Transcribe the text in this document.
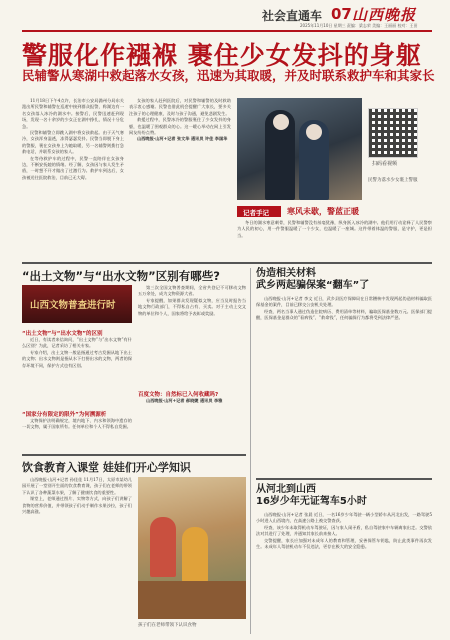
社会直通车 07 山西晚报
2025年11月10日 星期三 责编：梁志荣 美编：王丽丽 校对：王田
警服化作襁褓 裹住少女发抖的身躯
民辅警从寒湖中救起落水女孩，迅速为其取暖，并及时联系救护车和其家长

11月18日下午4点许，长治市公安局潞州分局东关派出所民警和辅警在巡逻中接到群众报警，称湖边有一名女孩落入冰冷的湖水中。接警后，民警迅速赶到现场，发现一名十余岁的少女正在湖中挣扎，情况十分危急。

民警和辅警立即跳入湖中将女孩救起。由于天气寒冷，女孩浑身湿透，冻得瑟瑟发抖。民警当即脱下身上的警服，裹在女孩身上为她取暖，另一名辅警则拨打急救电话，并联系女孩的家人。

在等待救护车的过程中，民警一直陪伴在女孩身边，不断安抚她的情绪。经了解，女孩因与家人发生矛盾，一时想不开才做出了过激行为。救护车到达后，女孩被送往医院救治，目前已无大碍。

女孩的家人赶到医院后，对民警和辅警的及时救助表示衷心感谢。民警也借此机会提醒广大家长，要多关注孩子的心理健康，及时与孩子沟通，避免悲剧发生。

救援过程中，民警冰冷的警服裹住了少女发抖的身躯，也温暖了围观群众的心。这一暖心举动在网上引发网友纷纷点赞。

山西晚报·山河+记者 张文华 通讯员 许佳 李国华

扫码看视频
民警为落水少女裹上警服
记者手记 寒风未歇，警蓝正暖

冬日的湖水寒意刺骨，民警和辅警没有丝毫犹豫，纵身跃入冰冷的湖中。他们用行动诠释了人民警察为人民的初心，用一件警服温暖了一个少女，也温暖了一座城。这件带着体温的警服，是守护，更是担当。

“出土文物”与“出水文物”区别有哪些?
山西文物普查进行时
“出土文物”与“出水文物”的区别

近日，有读者来信询问，“出土文物”与“出水文物”有什么区别？为此，记者采访了相关专家。

专家介绍，出土文物一般是指通过考古发掘从地下出土的文物；出水文物则是指从水下打捞出水的文物，两者的保存环境不同，保护方式也有区别。

“国家分有限定的限外”为何溯源析

文物保护法明确规定，境内地下、内水和领海中遗存的一切文物，属于国家所有。任何单位和个人不得私自发掘。

第三次全国文物普查期间，全省共登记不可移动文物五万余处，成为文物资源大省。

专家提醒，如果群众发现疑似文物，应当及时报告当地文物行政部门，不得私自占有、买卖。对于主动上交文物的单位和个人，国家将给予表彰或奖励。

百度文物：自然标已入何收藏吗?

山西晚报·山河+记者 郝晓婕 通讯员 李雅

饮食教育入课堂 娃娃们开心学知识

山西晚报·山河+记者 孙佳佳 11月17日，太原市某幼儿园开展了一堂别开生面的饮食教育课，孩子们在老师的带领下认识了各种蔬菜水果，了解了健康饮食的重要性。

课堂上，老师通过图片、实物等方式，向孩子们讲解了食物的营养价值，并带领孩子们动手制作水果沙拉，孩子们兴趣高涨。

孩子们在老师带领下认识食物
伪造相关材料
武乡两起骗保案“翻车”了

山西晚报·山河+记者 李文 近日，武乡县医疗保障局在日常稽核中发现两起伪造材料骗取医保基金的案件，目前已移交公安机关处理。

经查，两名当事人通过伪造住院病历、费用清单等材料，骗取医保基金数万元。医保部门提醒，医保基金是群众的“看病钱”、“救命钱”，任何骗保行为都将受到法律严惩。

从河北到山西
16岁少年无证驾车5小时

山西晚报·山河+记者 张晨 近日，一名16岁少年驾驶一辆小型轿车从河北出发，一路驾驶5小时进入山西境内，在高速公路上被交警查获。

经查，该少年未取得机动车驾驶证，因与家人闹矛盾，私自驾驶家中车辆离家出走。交警依法对其进行了处理，并通知其家长前来接人。

交警提醒，家长应加强对未成年人的教育和管理，妥善保管车钥匙，防止此类事件再次发生。未成年人驾驶机动车不仅违法，更存在极大的安全隐患。
